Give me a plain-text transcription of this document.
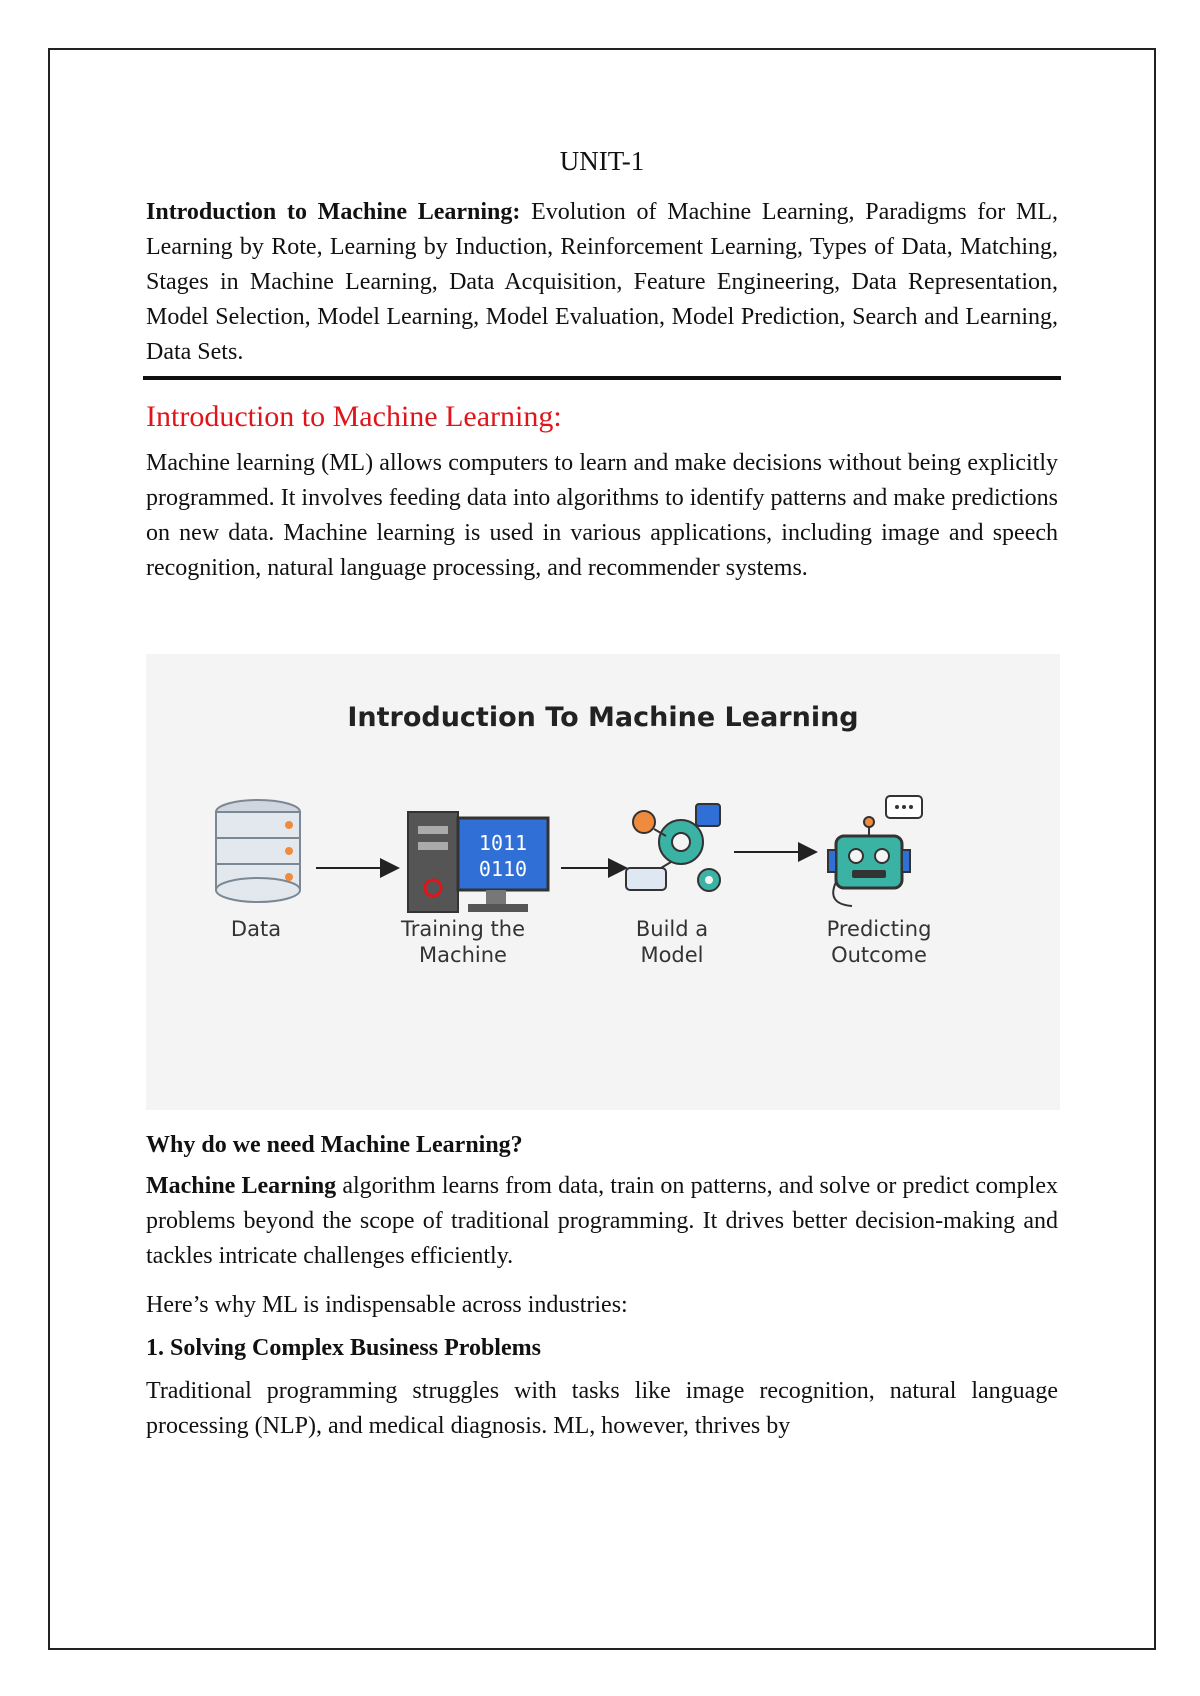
UNIT-1

Introduction to Machine Learning: Evolution of Machine Learning, Paradigms for ML, Learning by Rote, Learning by Induction, Reinforcement Learning, Types of Data, Matching, Stages in Machine Learning, Data Acquisition, Feature Engineering, Data Representation, Model Selection, Model Learning, Model Evaluation, Model Prediction, Search and Learning, Data Sets.

Introduction to Machine Learning:

Machine learning (ML) allows computers to learn and make decisions without being explicitly programmed. It involves feeding data into algorithms to identify patterns and make predictions on new data. Machine learning is used in various applications, including image and speech recognition, natural language processing, and recommender systems.

Introduction To Machine Learning
1011
0110
Data	Training the
Machine
Build a
Model
Predicting
Outcome
Why do we need Machine Learning?

Machine Learning algorithm learns from data, train on patterns, and solve or predict complex problems beyond the scope of traditional programming. It drives better decision-making and tackles intricate challenges efficiently.

Here’s why ML is indispensable across industries:

1. Solving Complex Business Problems

Traditional programming struggles with tasks like image recognition, natural language processing (NLP), and medical diagnosis. ML, however, thrives by
